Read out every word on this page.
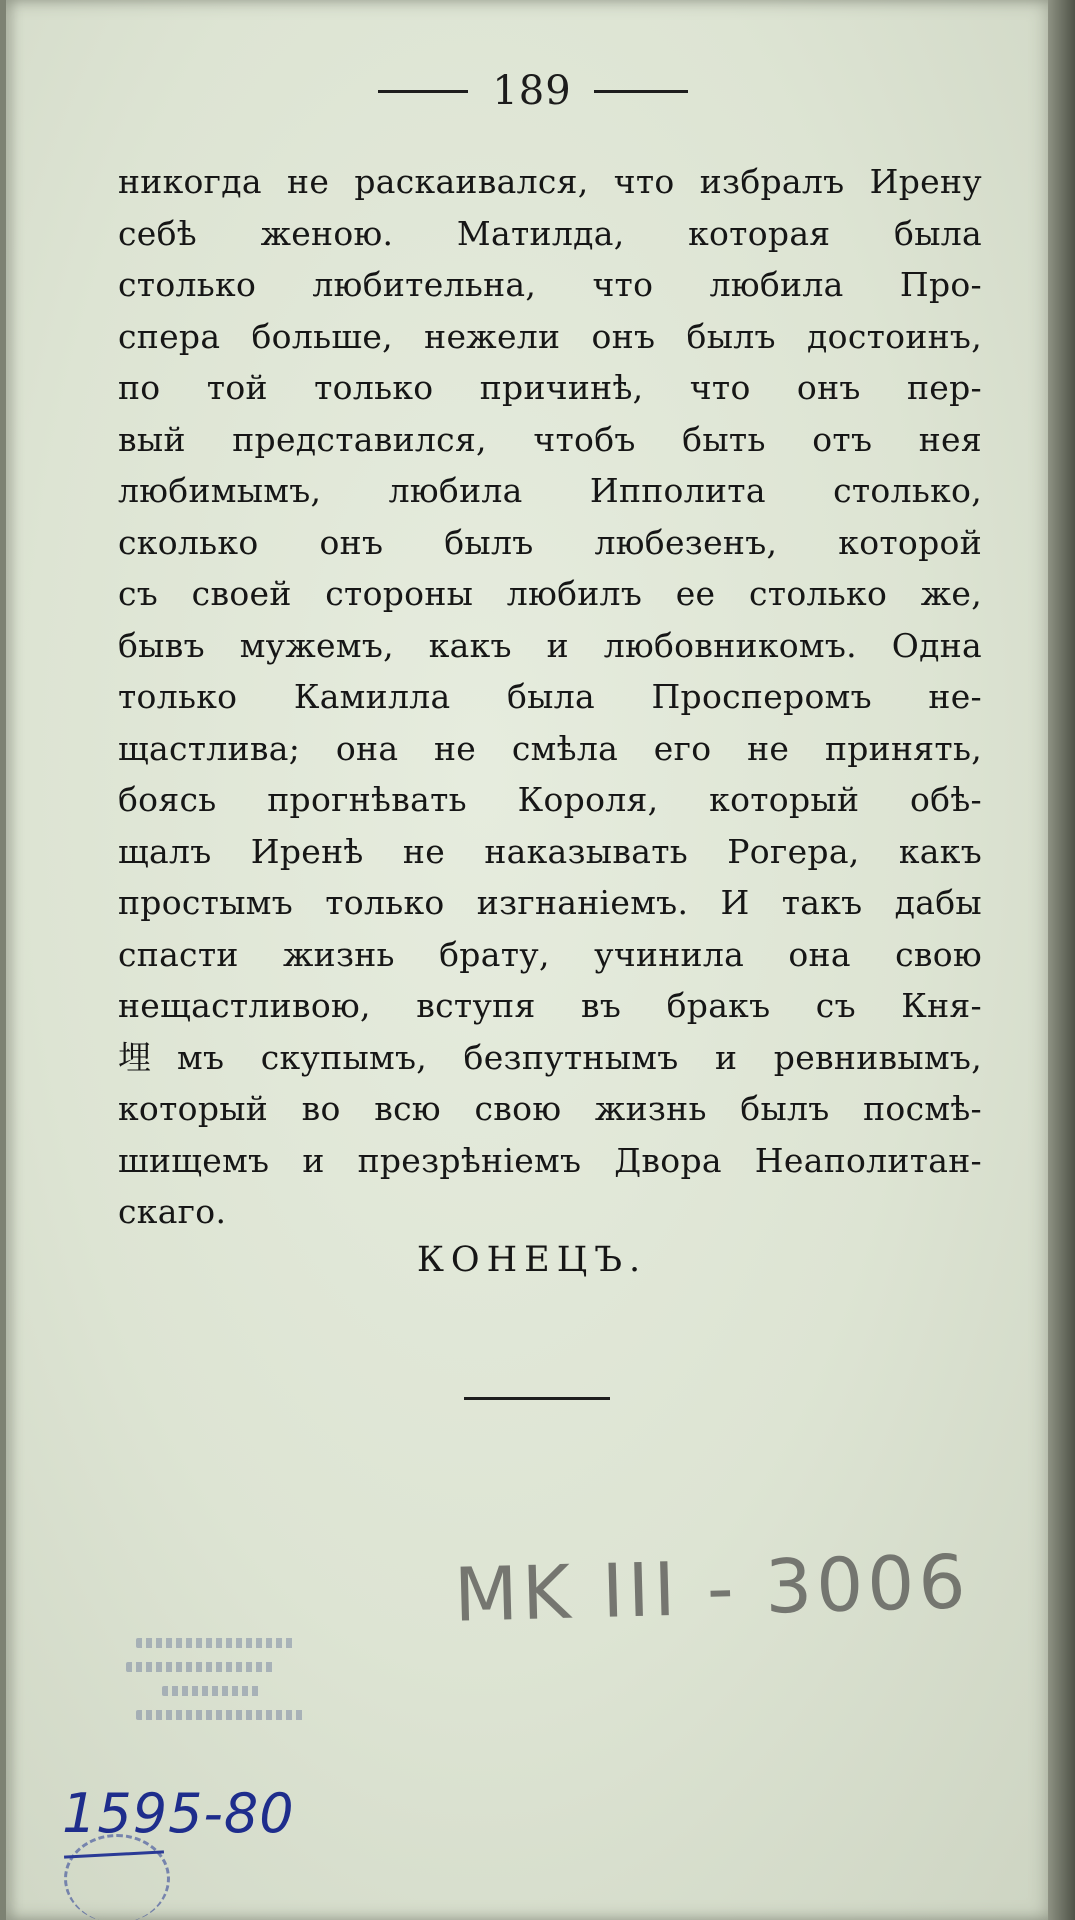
189
никогда не раскаивался, что избралъ Ирену
себѣ женою. Матилда, которая была
столько любительна, что любила Про-
спера больше, нежели онъ былъ достоинъ,
по той только причинѣ, что онъ пер-
вый представился, чтобъ быть отъ нея
любимымъ, любила Ипполита столько,
сколько онъ былъ любезенъ, которой
съ своей стороны любилъ ее столько же,
бывъ мужемъ, какъ и любовникомъ. Одна
только Камилла была Просперомъ не-
щастлива; она не смѣла его не принять,
боясь прогнѣвать Короля, который обѣ-
щалъ Иренѣ не наказывать Рогера, какъ
простымъ только изгнанiемъ. И такъ дабы
спасти жизнь брату, учинила она свою
нещастливою, вступя въ бракъ съ Кня-
埋мъ скупымъ, безпутнымъ и ревнивымъ,
который во всю свою жизнь былъ посмѣ-
шищемъ и презрѣнiемъ Двора Неаполитан-
скаго.
КОНЕЦЪ.
MK III - 3006
1595-80
